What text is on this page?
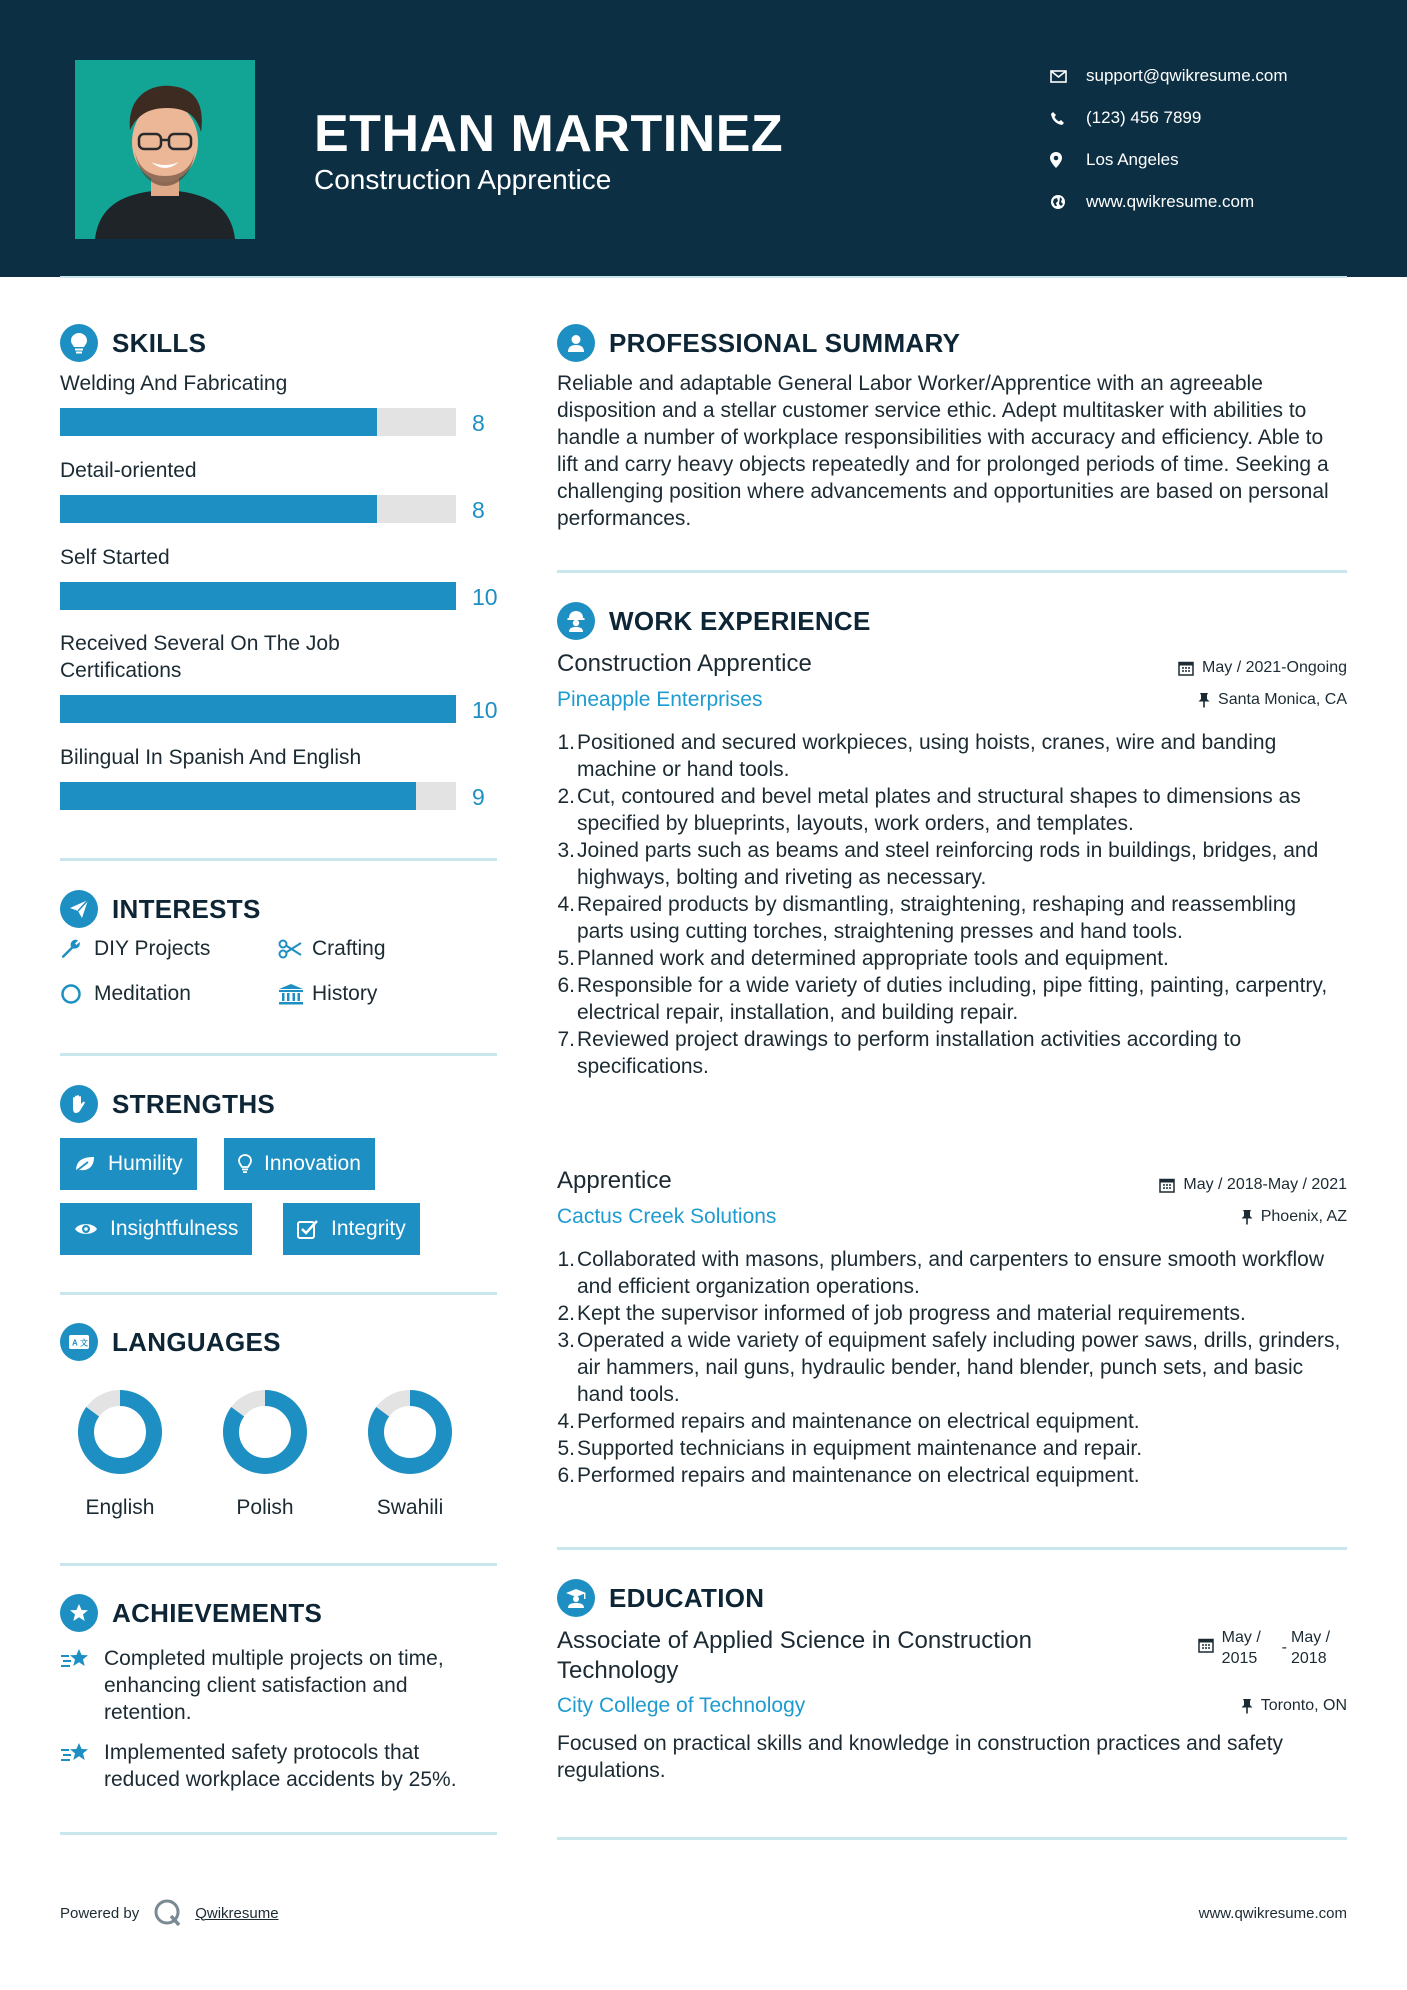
ETHAN MARTINEZ
Construction Apprentice
support@qwikresume.com
(123) 456 7899
Los Angeles
www.qwikresume.com
SKILLS
Welding And Fabricating
8
Detail-oriented
8
Self Started
10
Received Several On The Job Certifications
10
Bilingual In Spanish And English
9
INTERESTS
DIY Projects	Crafting
Meditation	History
STRENGTHS
Humility	Innovation
Insightfulness	Integrity
A 文 LANGUAGES
English	Polish	Swahili
ACHIEVEMENTS
Completed multiple projects on time, enhancing client satisfaction and retention.
Implemented safety protocols that reduced workplace accidents by 25%.
PROFESSIONAL SUMMARY
Reliable and adaptable General Labor Worker/Apprentice with an agreeable disposition and a stellar customer service ethic. Adept multitasker with abilities to handle a number of workplace responsibilities with accuracy and efficiency. Able to lift and carry heavy objects repeatedly and for prolonged periods of time. Seeking a challenging position where advancements and opportunities are based on personal performances.
WORK EXPERIENCE
Construction Apprentice	May / 2021-Ongoing
Pineapple Enterprises	Santa Monica, CA
1. Positioned and secured workpieces, using hoists, cranes, wire and banding machine or hand tools.
2. Cut, contoured and bevel metal plates and structural shapes to dimensions as specified by blueprints, layouts, work orders, and templates.
3. Joined parts such as beams and steel reinforcing rods in buildings, bridges, and highways, bolting and riveting as necessary.
4. Repaired products by dismantling, straightening, reshaping and reassembling parts using cutting torches, straightening presses and hand tools.
5. Planned work and determined appropriate tools and equipment.
6. Responsible for a wide variety of duties including, pipe fitting, painting, carpentry, electrical repair, installation, and building repair.
7. Reviewed project drawings to perform installation activities according to specifications.
Apprentice	May / 2018-May / 2021
Cactus Creek Solutions	Phoenix, AZ
1. Collaborated with masons, plumbers, and carpenters to ensure smooth workflow and efficient organization operations.
2. Kept the supervisor informed of job progress and material requirements.
3. Operated a wide variety of equipment safely including power saws, drills, grinders, air hammers, nail guns, hydraulic bender, hand blender, punch sets, and basic hand tools.
4. Performed repairs and maintenance on electrical equipment.
5. Supported technicians in equipment maintenance and repair.
6. Performed repairs and maintenance on electrical equipment.
EDUCATION
Associate of Applied Science in Construction Technology
May / 2015
-
May / 2018
City College of Technology	Toronto, ON
Focused on practical skills and knowledge in construction practices and safety regulations.
Powered by	Qwikresume	www.qwikresume.com
